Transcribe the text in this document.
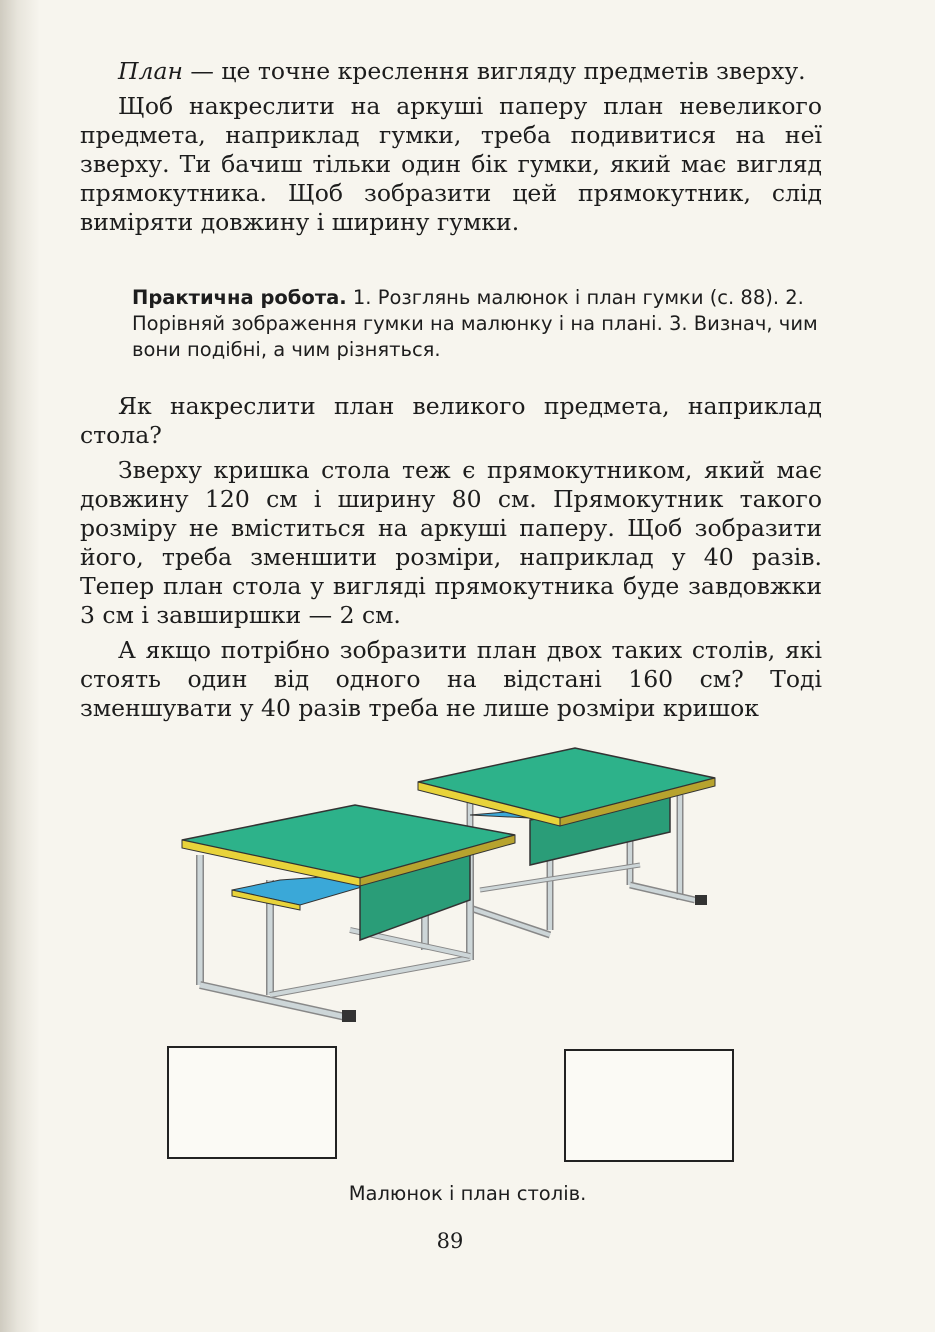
План — це точне креслення вигляду предметів зверху.

Щоб накреслити на аркуші паперу план невеликого предмета, наприклад гумки, треба подивитися на неї зверху. Ти бачиш тільки один бік гумки, який має вигляд прямокутника. Щоб зобразити цей прямокутник, слід виміряти довжину і ширину гумки.

Практична робота. 1. Розглянь малюнок і план гумки (с. 88). 2. Порівняй зображення гумки на малюнку і на плані. 3. Визнач, чим вони подібні, а чим різняться.

Як накреслити план великого предмета, наприклад стола?

Зверху кришка стола теж є прямокутником, який має довжину 120 см і ширину 80 см. Прямокутник такого розміру не вміститься на аркуші паперу. Щоб зобразити його, треба зменшити розміри, наприклад у 40 разів. Тепер план стола у вигляді прямокутника буде завдовжки 3 см і завширшки — 2 см.

А якщо потрібно зобразити план двох таких столів, які стоять один від одного на відстані 160 см? Тоді зменшувати у 40 разів треба не лише розміри кришок

Малюнок і план столів.
89
